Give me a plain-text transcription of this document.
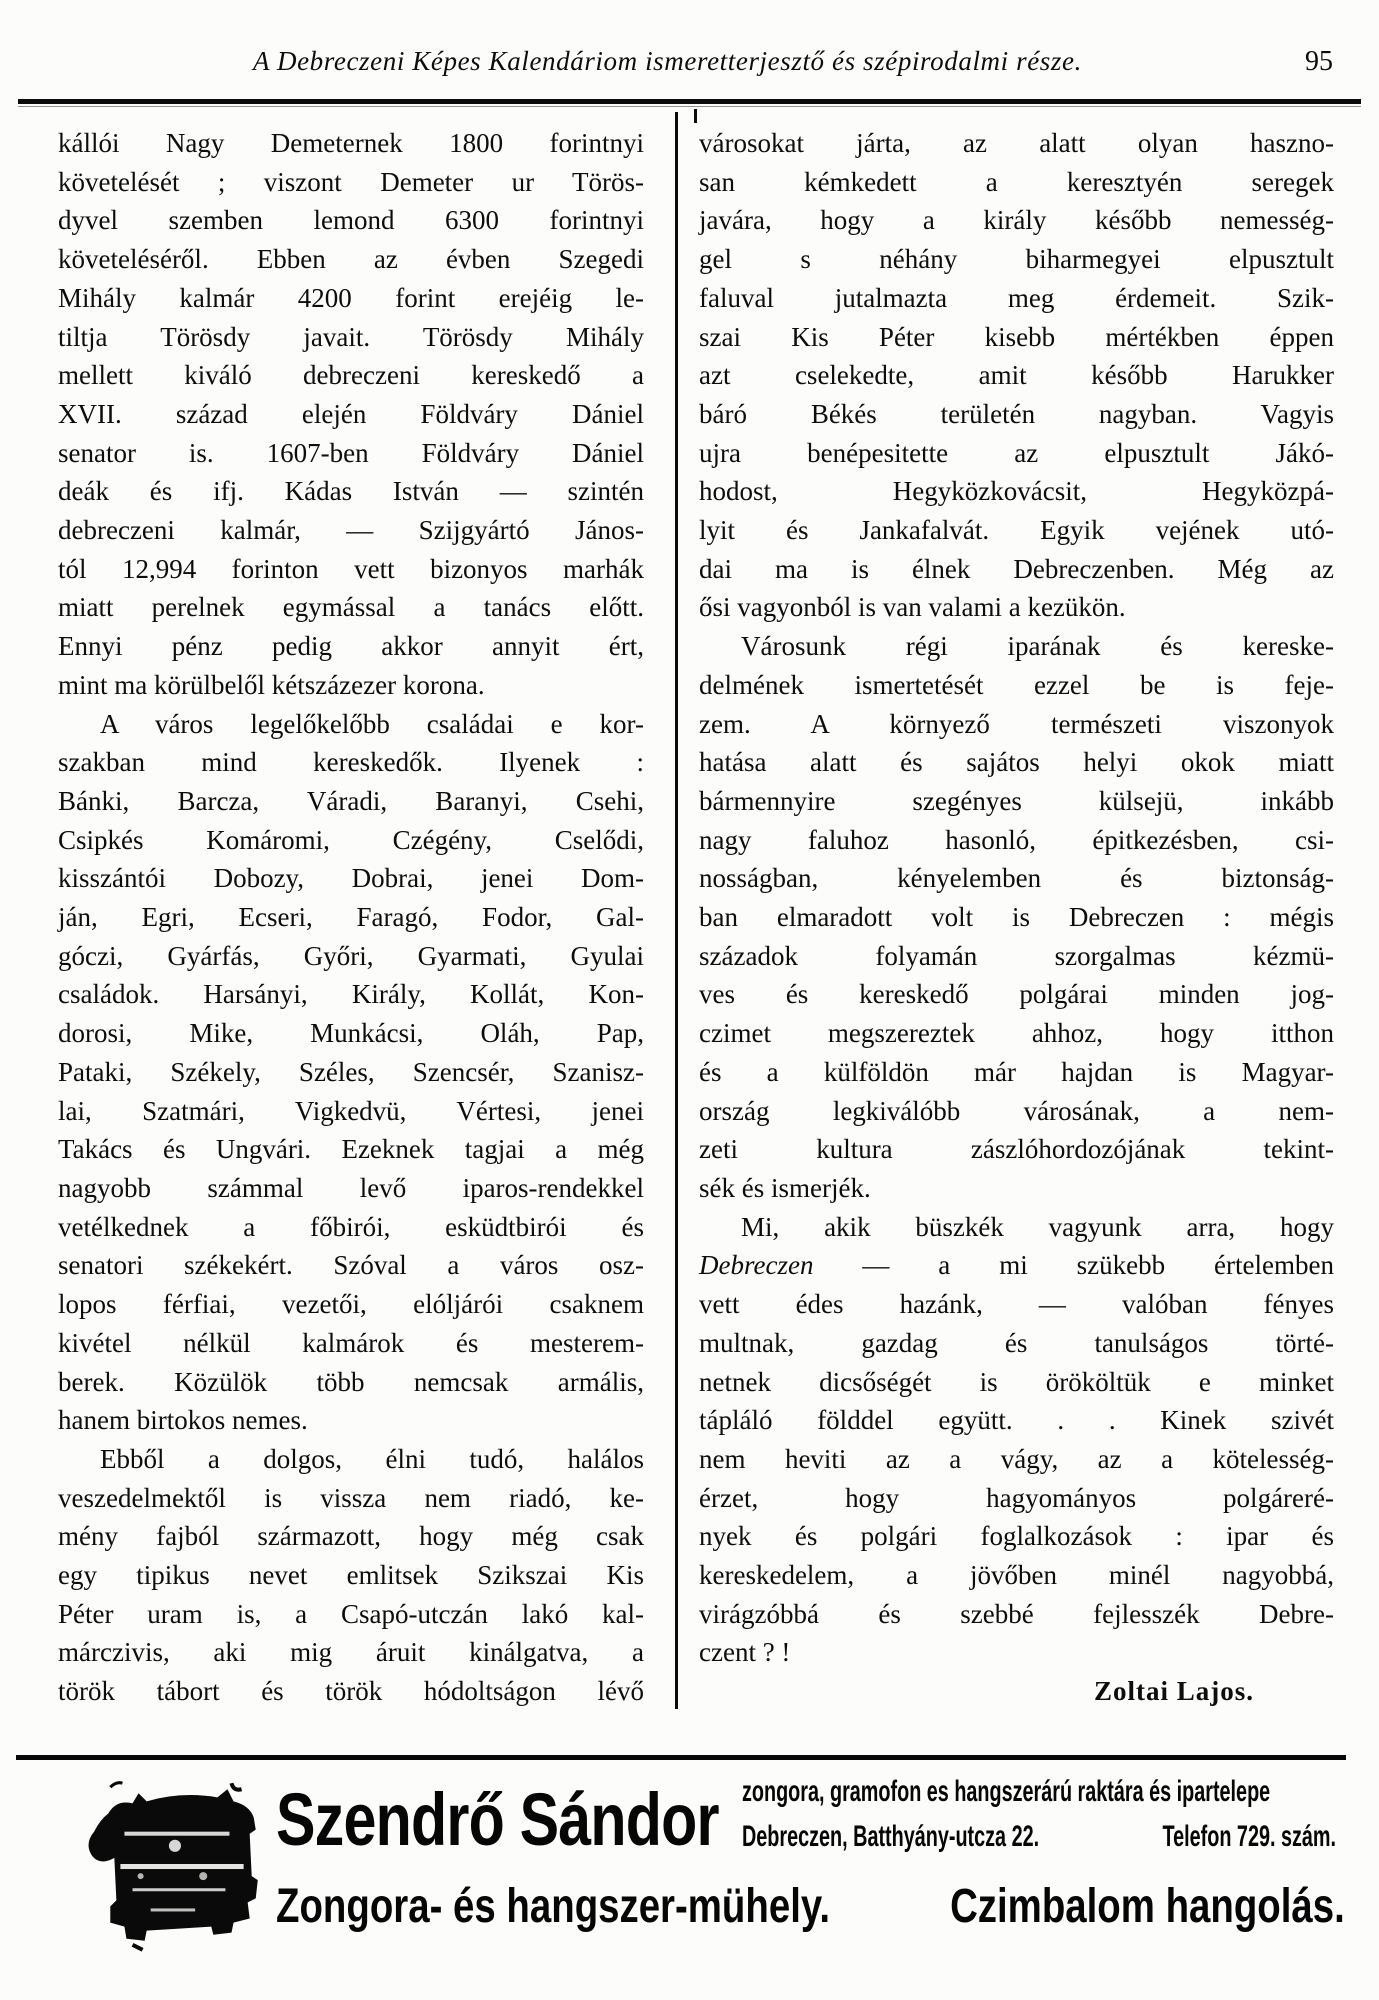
A Debreczeni Képes Kalendáriom ismeretterjesztő és szépirodalmi része.	95
kállói Nagy Demeternek 1800 forintnyi
követelését ; viszont Demeter ur Törös-
dyvel szemben lemond 6300 forintnyi
követeléséről. Ebben az évben Szegedi
Mihály kalmár 4200 forint erejéig le-
tiltja Törösdy javait. Törösdy Mihály
mellett kiváló debreczeni kereskedő a
XVII. század elején Földváry Dániel
senator is. 1607-ben Földváry Dániel
deák és ifj. Kádas István — szintén
debreczeni kalmár, — Szijgyártó János-
tól 12,994 forinton vett bizonyos marhák
miatt perelnek egymással a tanács előtt.
Ennyi pénz pedig akkor annyit ért,
mint ma körülbelől kétszázezer korona.
A város legelőkelőbb családai e kor-
szakban mind kereskedők. Ilyenek :
Bánki, Barcza, Váradi, Baranyi, Csehi,
Csipkés Komáromi, Czégény, Cselődi,
kisszántói Dobozy, Dobrai, jenei Dom-
ján, Egri, Ecseri, Faragó, Fodor, Gal-
góczi, Gyárfás, Győri, Gyarmati, Gyulai
családok. Harsányi, Király, Kollát, Kon-
dorosi, Mike, Munkácsi, Oláh, Pap,
Pataki, Székely, Széles, Szencsér, Szanisz-
lai, Szatmári, Vigkedvü, Vértesi, jenei
Takács és Ungvári. Ezeknek tagjai a még
nagyobb számmal levő iparos-rendekkel
vetélkednek a főbirói, esküdtbirói és
senatori székekért. Szóval a város osz-
lopos férfiai, vezetői, elóljárói csaknem
kivétel nélkül kalmárok és mesterem-
berek. Közülök több nemcsak armális,
hanem birtokos nemes.
Ebből a dolgos, élni tudó, halálos
veszedelmektől is vissza nem riadó, ke-
mény fajból származott, hogy még csak
egy tipikus nevet emlitsek Szikszai Kis
Péter uram is, a Csapó-utczán lakó kal-
márczivis, aki mig áruit kinálgatva, a
török tábort és török hódoltságon lévő
városokat járta, az alatt olyan haszno-
san kémkedett a keresztyén seregek
javára, hogy a király később nemesség-
gel s néhány biharmegyei elpusztult
faluval jutalmazta meg érdemeit. Szik-
szai Kis Péter kisebb mértékben éppen
azt cselekedte, amit később Harukker
báró Békés területén nagyban. Vagyis
ujra benépesitette az elpusztult Jákó-
hodost, Hegyközkovácsit, Hegyközpá-
lyit és Jankafalvát. Egyik vejének utó-
dai ma is élnek Debreczenben. Még az
ősi vagyonból is van valami a kezükön.
Városunk régi iparának és kereske-
delmének ismertetését ezzel be is feje-
zem. A környező természeti viszonyok
hatása alatt és sajátos helyi okok miatt
bármennyire szegényes külsejü, inkább
nagy faluhoz hasonló, épitkezésben, csi-
nosságban, kényelemben és biztonság-
ban elmaradott volt is Debreczen : mégis
századok folyamán szorgalmas kézmü-
ves és kereskedő polgárai minden jog-
czimet megszereztek ahhoz, hogy itthon
és a külföldön már hajdan is Magyar-
ország legkiválóbb városának, a nem-
zeti kultura zászlóhordozójának tekint-
sék és ismerjék.
Mi, akik büszkék vagyunk arra, hogy
Debreczen — a mi szükebb értelemben
vett édes hazánk, — valóban fényes
multnak, gazdag és tanulságos törté-
netnek dicsőségét is örököltük e minket
tápláló földdel együtt. . . Kinek szivét
nem heviti az a vágy, az a kötelesség-
érzet, hogy hagyományos polgáreré-
nyek és polgári foglalkozások : ipar és
kereskedelem, a jövőben minél nagyobbá,
virágzóbbá és szebbé fejlesszék Debre-
czent ? !
Zoltai Lajos.
Szendrő Sándor zongora, gramofon es hangszerárú raktára és ipartelepe
Debreczen, Batthyány-utcza 22.	Telefon 729. szám.
Zongora- és hangszer-mühely.	Czimbalom hangolás.
